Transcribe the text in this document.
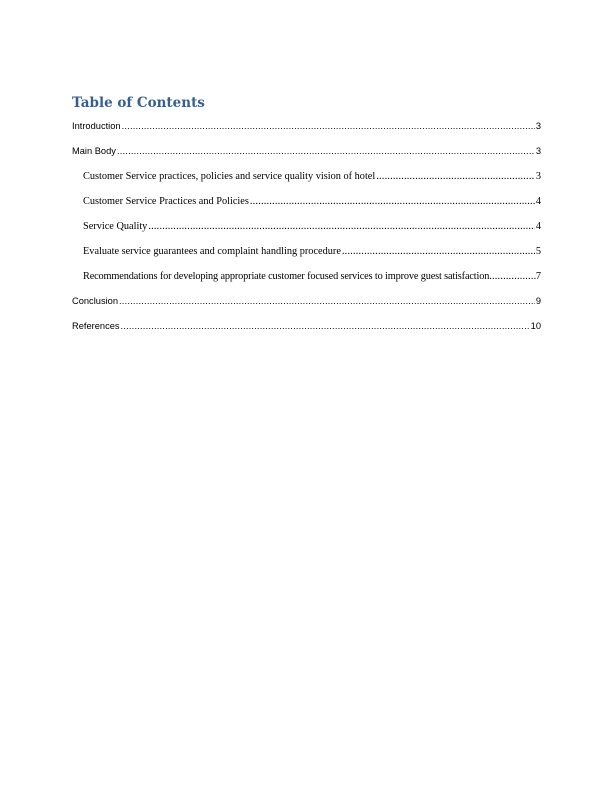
Table of Contents
Introduction .....	3
Main Body .....	3
Customer Service practices, policies and service quality vision of hotel .....	3
Customer Service Practices and Policies .....	4
Service Quality .....	4
Evaluate service guarantees and complaint handling procedure .....	5
Recommendations for developing appropriate customer focused services to improve guest satisfaction .....	7
Conclusion .....	9
References .....	10
